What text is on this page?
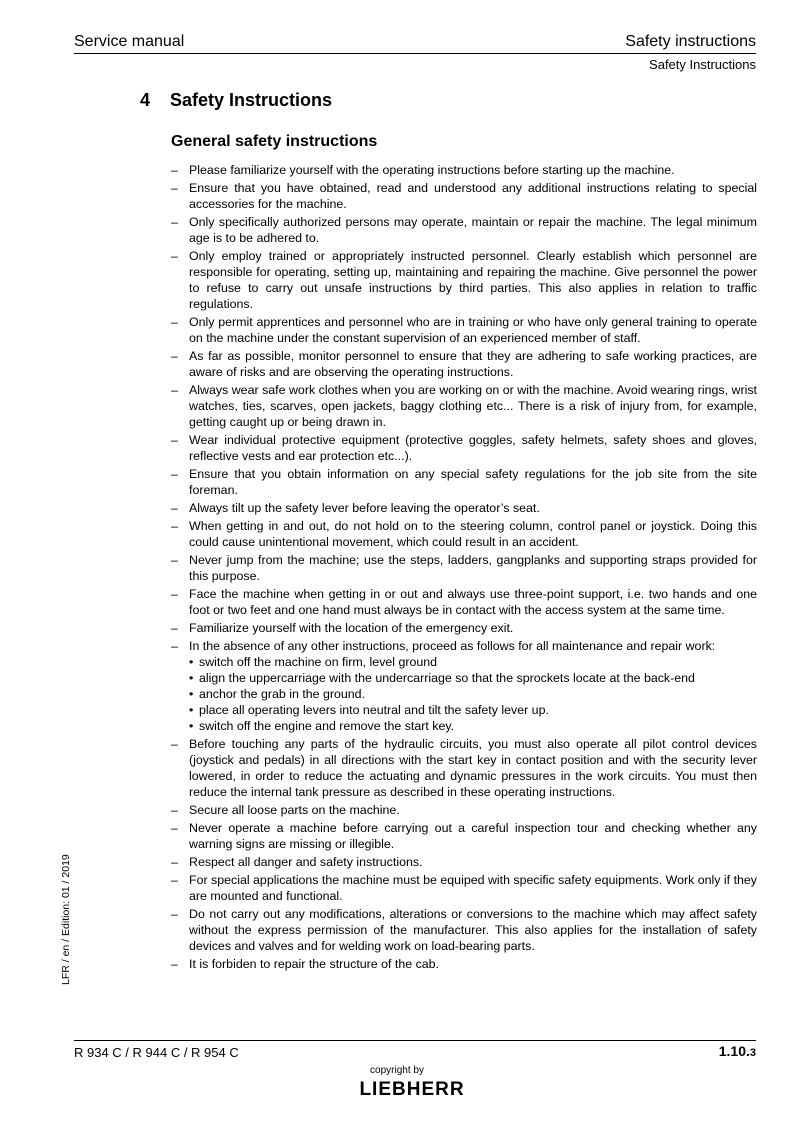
Service manual	Safety instructions
Safety Instructions
4 Safety Instructions
General safety instructions
– Please familiarize yourself with the operating instructions before starting up the machine.
– Ensure that you have obtained, read and understood any additional instructions relating to special accessories for the machine.
– Only specifically authorized persons may operate, maintain or repair the machine. The legal minimum age is to be adhered to.
– Only employ trained or appropriately instructed personnel. Clearly establish which personnel are responsible for operating, setting up, maintaining and repairing the machine. Give personnel the power to refuse to carry out unsafe instructions by third parties. This also applies in relation to traffic regulations.
– Only permit apprentices and personnel who are in training or who have only general training to operate on the machine under the constant supervision of an experienced member of staff.
– As far as possible, monitor personnel to ensure that they are adhering to safe working practices, are aware of risks and are observing the operating instructions.
– Always wear safe work clothes when you are working on or with the machine. Avoid wearing rings, wrist watches, ties, scarves, open jackets, baggy clothing etc... There is a risk of injury from, for example, getting caught up or being drawn in.
– Wear individual protective equipment (protective goggles, safety helmets, safety shoes and gloves, reflective vests and ear protection etc...).
– Ensure that you obtain information on any special safety regulations for the job site from the site foreman.
– Always tilt up the safety lever before leaving the operator’s seat.
– When getting in and out, do not hold on to the steering column, control panel or joystick. Doing this could cause unintentional movement, which could result in an accident.
– Never jump from the machine; use the steps, ladders, gangplanks and supporting straps provided for this purpose.
– Face the machine when getting in or out and always use three-point support, i.e. two hands and one foot or two feet and one hand must always be in contact with the access system at the same time.
– Familiarize yourself with the location of the emergency exit.
– In the absence of any other instructions, proceed as follows for all maintenance and repair work:
• switch off the machine on firm, level ground
• align the uppercarriage with the undercarriage so that the sprockets locate at the back-end
• anchor the grab in the ground.
• place all operating levers into neutral and tilt the safety lever up.
• switch off the engine and remove the start key.
– Before touching any parts of the hydraulic circuits, you must also operate all pilot control devices (joystick and pedals) in all directions with the start key in contact position and with the security lever lowered, in order to reduce the actuating and dynamic pressures in the work circuits. You must then reduce the internal tank pressure as described in these operating instructions.
– Secure all loose parts on the machine.
– Never operate a machine before carrying out a careful inspection tour and checking whether any warning signs are missing or illegible.
– Respect all danger and safety instructions.
– For special applications the machine must be equiped with specific safety equipments. Work only if they are mounted and functional.
– Do not carry out any modifications, alterations or conversions to the machine which may affect safety without the express permission of the manufacturer. This also applies for the installation of safety devices and valves and for welding work on load-bearing parts.
– It is forbiden to repair the structure of the cab.
LFR / en / Edition: 01 / 2019
R 934 C / R 944 C / R 954 C	1.10.3
copyright by
LIEBHERR
